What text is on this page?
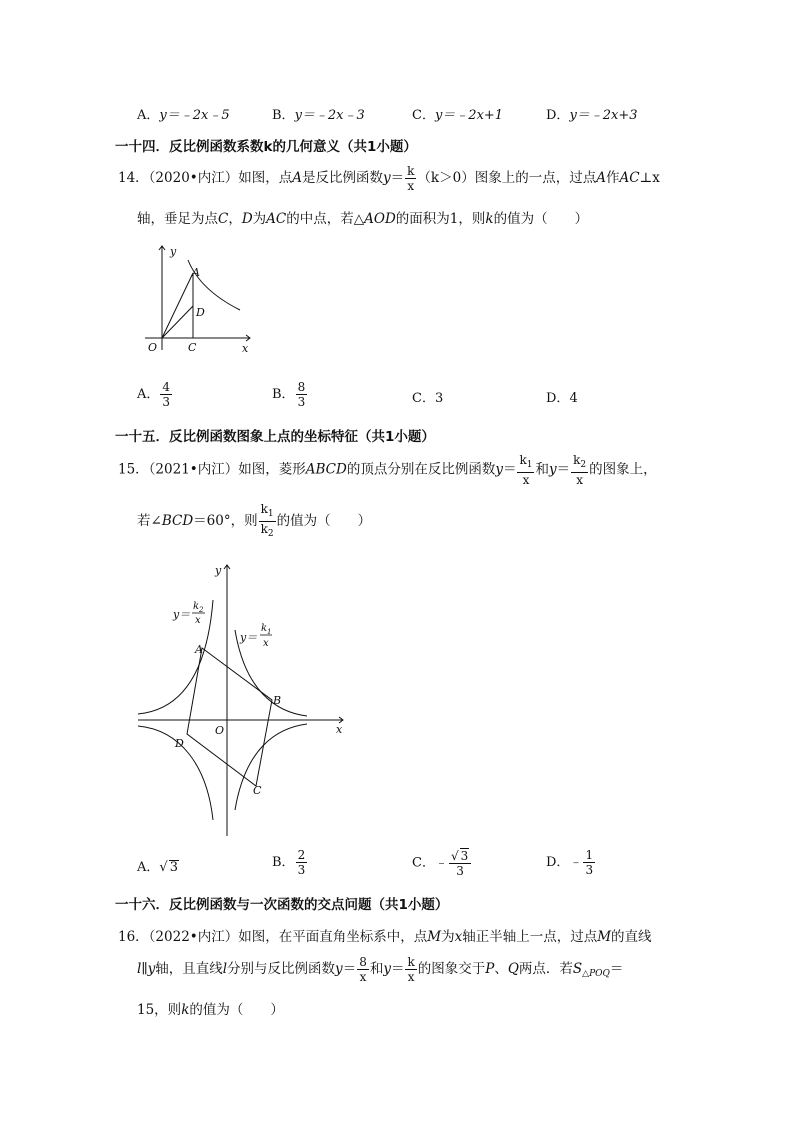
A．y＝﹣2x﹣5	B．y＝﹣2x﹣3	C．y＝﹣2x+1	D．y＝﹣2x+3
一十四．反比例函数系数k的几何意义（共1小题）
14．（2020•内江）如图，点A是反比例函数$y= \frac{k}{x} (k>0)$图象上的一点，过点A作AC⊥x
轴，垂足为点C，D为AC的中点，若△AOD的面积为1，则k的值为（　　）
y
A
D
O	C	x
A． $\frac{4}{3}$	B． $\frac{8}{3}$	C．3	D．4
一十五．反比例函数图象上点的坐标特征（共1小题）
15．（2021•内江）如图，菱形ABCD的顶点分别在反比例函数$y= \frac{k_1}{x}$ 和$y= \frac{k_2}{x}$ 的图象上，
若∠BCD＝60°，则 $\frac{k_1}{k_2}$ 的值为（　　）
A
B
C
D
O
y
x
y＝
k 2
x
y＝
k 1
x
A．√ 3	B． $\frac{2}{3}$	C．﹣ $\frac{√ 3}{3}$	D．﹣ $\frac{1}{3}$
一十六．反比例函数与一次函数的交点问题（共1小题）
16．（2022•内江）如图，在平面直角坐标系中，点M为x轴正半轴上一点，过点M的直线
l∥y轴，且直线l分别与反比例函数$y= \frac{8}{x}$ 和$y= \frac{k}{x}$ 的图象交于P、Q两点．若$S_{\triangle POQ}=$
15，则k的值为（　　）
